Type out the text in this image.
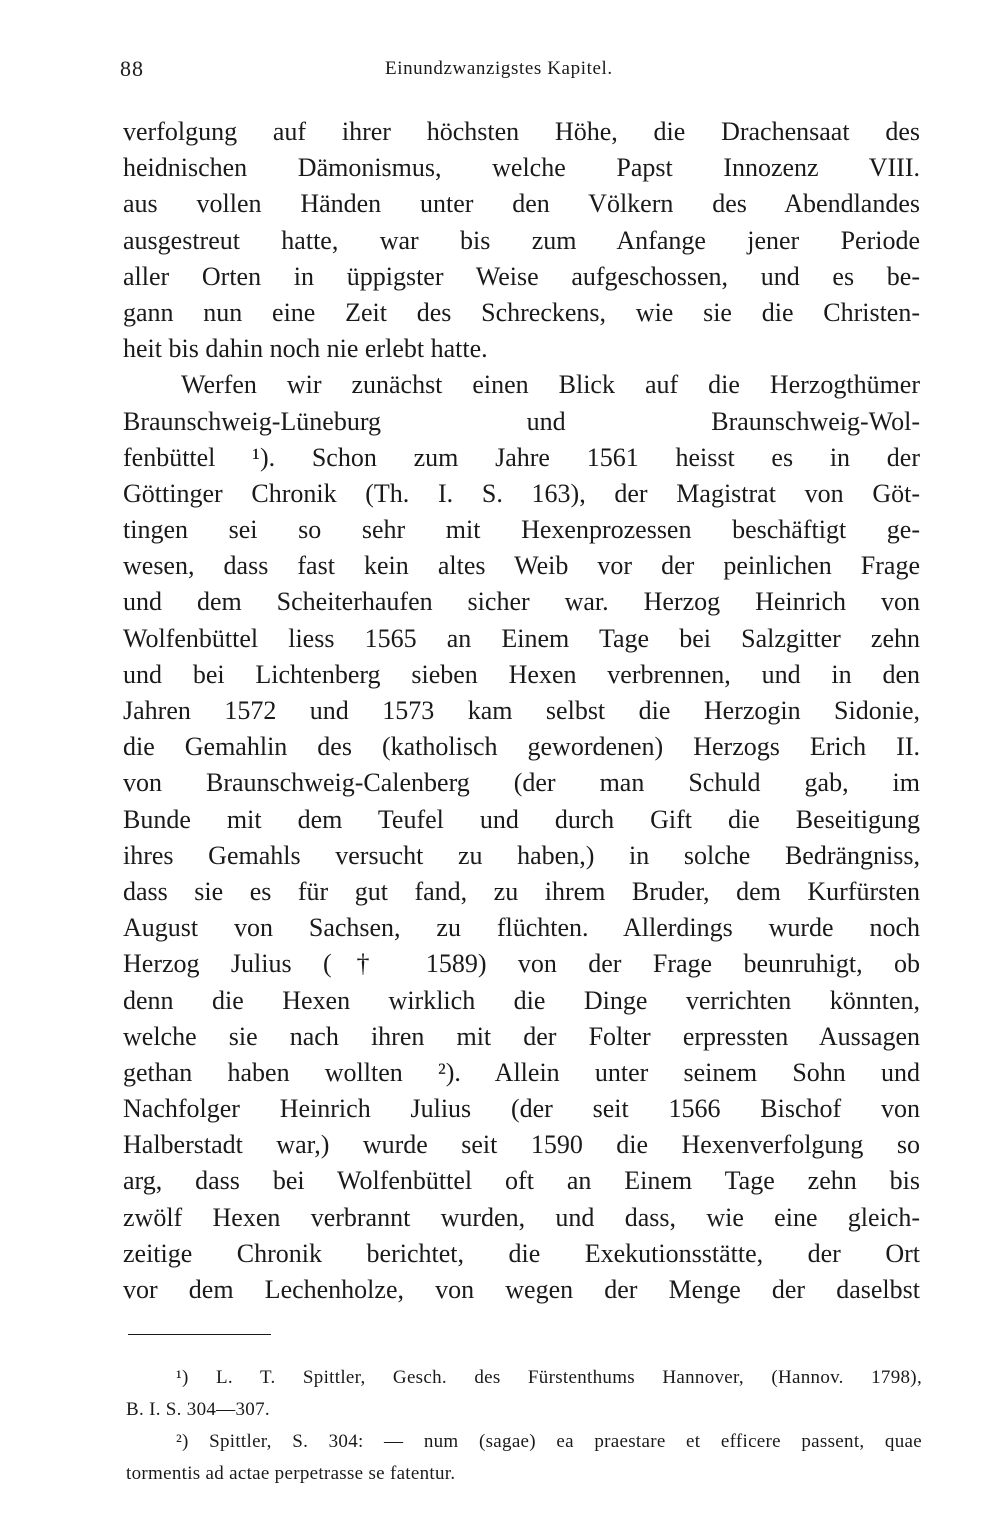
88	Einundzwanzigstes Kapitel.
verfolgung auf ihrer höchsten Höhe, die Drachensaat des
heidnischen Dämonismus, welche Papst Innozenz VIII.
aus vollen Händen unter den Völkern des Abendlandes
ausgestreut hatte, war bis zum Anfange jener Periode
aller Orten in üppigster Weise aufgeschossen, und es be-
gann nun eine Zeit des Schreckens, wie sie die Christen-
heit bis dahin noch nie erlebt hatte.
Werfen wir zunächst einen Blick auf die Herzogthümer
Braunschweig-Lüneburg und Braunschweig-Wol-
fenbüttel ¹). Schon zum Jahre 1561 heisst es in der
Göttinger Chronik (Th. I. S. 163), der Magistrat von Göt-
tingen sei so sehr mit Hexenprozessen beschäftigt ge-
wesen, dass fast kein altes Weib vor der peinlichen Frage
und dem Scheiterhaufen sicher war. Herzog Heinrich von
Wolfenbüttel liess 1565 an Einem Tage bei Salzgitter zehn
und bei Lichtenberg sieben Hexen verbrennen, und in den
Jahren 1572 und 1573 kam selbst die Herzogin Sidonie,
die Gemahlin des (katholisch gewordenen) Herzogs Erich II.
von Braunschweig-Calenberg (der man Schuld gab, im
Bunde mit dem Teufel und durch Gift die Beseitigung
ihres Gemahls versucht zu haben,) in solche Bedrängniss,
dass sie es für gut fand, zu ihrem Bruder, dem Kurfürsten
August von Sachsen, zu flüchten. Allerdings wurde noch
Herzog Julius († 1589) von der Frage beunruhigt, ob
denn die Hexen wirklich die Dinge verrichten könnten,
welche sie nach ihren mit der Folter erpressten Aussagen
gethan haben wollten ²). Allein unter seinem Sohn und
Nachfolger Heinrich Julius (der seit 1566 Bischof von
Halberstadt war,) wurde seit 1590 die Hexenverfolgung so
arg, dass bei Wolfenbüttel oft an Einem Tage zehn bis
zwölf Hexen verbrannt wurden, und dass, wie eine gleich-
zeitige Chronik berichtet, die Exekutionsstätte, der Ort
vor dem Lechenholze, von wegen der Menge der daselbst
¹) L. T. Spittler, Gesch. des Fürstenthums Hannover, (Hannov. 1798),
B. I. S. 304—307.
²) Spittler, S. 304: — num (sagae) ea praestare et efficere passent, quae
tormentis ad actae perpetrasse se fatentur.
